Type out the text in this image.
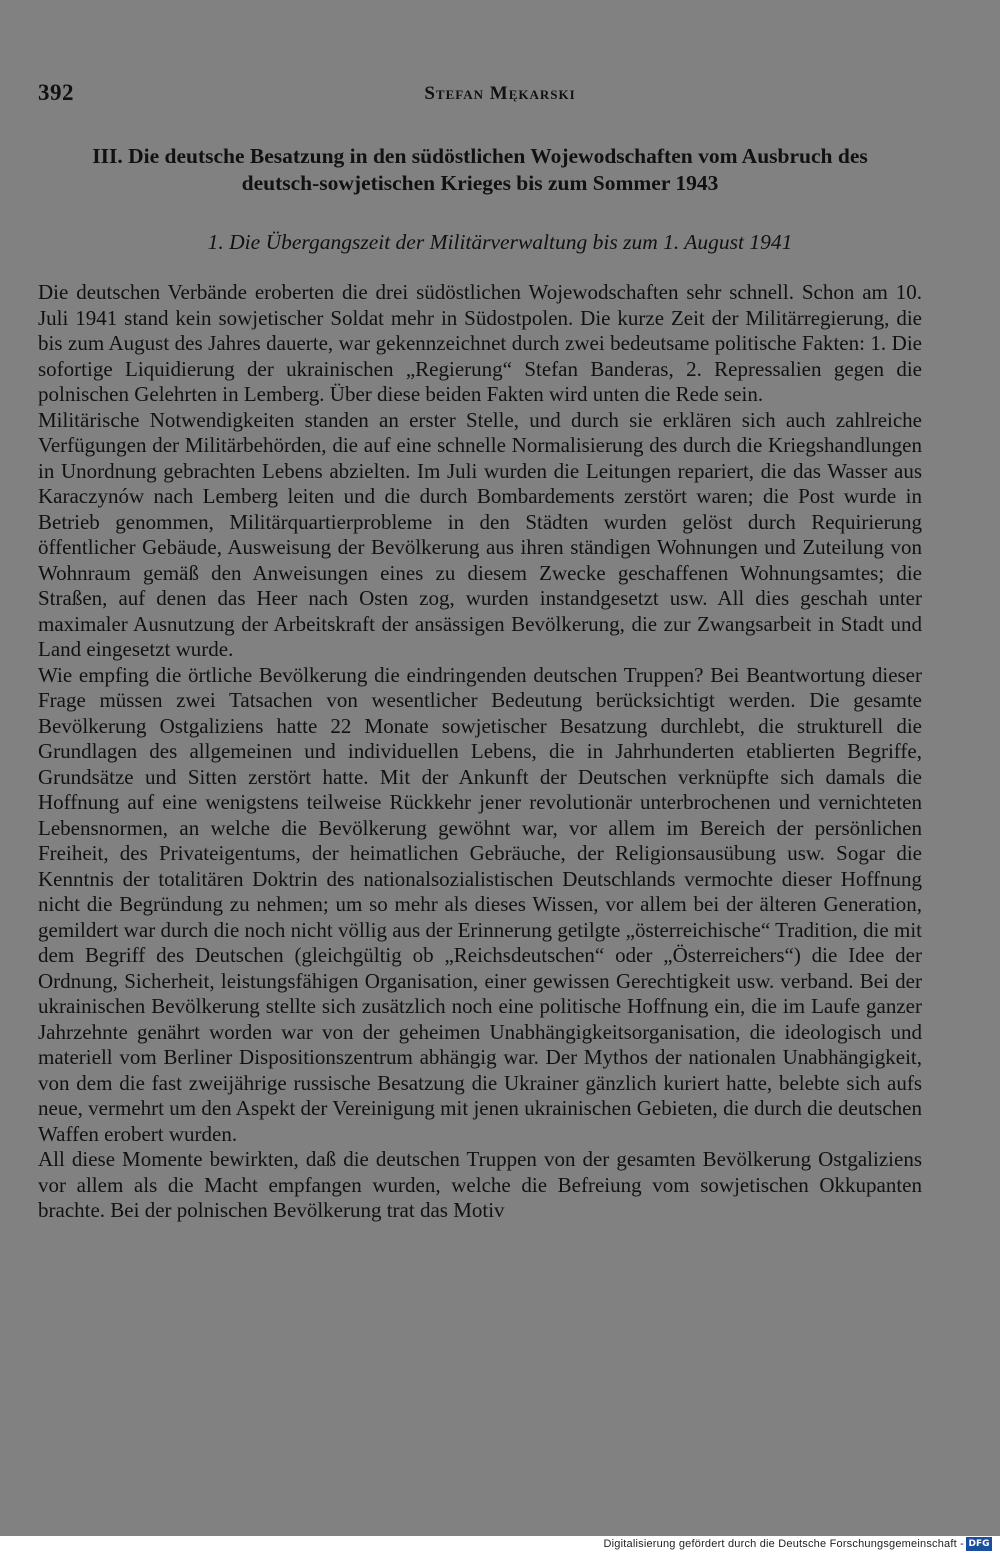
392	Stefan Mękarski
III. Die deutsche Besatzung in den südöstlichen Wojewodschaften vom Ausbruch des
deutsch-sowjetischen Krieges bis zum Sommer 1943
1. Die Übergangszeit der Militärverwaltung bis zum 1. August 1941

Die deutschen Verbände eroberten die drei südöstlichen Wojewodschaften sehr schnell. Schon am 10. Juli 1941 stand kein sowjetischer Soldat mehr in Südostpolen. Die kurze Zeit der Militärregierung, die bis zum August des Jahres dauerte, war gekennzeichnet durch zwei bedeutsame politische Fakten: 1. Die sofortige Liquidierung der ukrainischen „Regierung“ Stefan Banderas, 2. Repressalien gegen die polnischen Gelehrten in Lemberg. Über diese beiden Fakten wird unten die Rede sein.

Militärische Notwendigkeiten standen an erster Stelle, und durch sie erklären sich auch zahlreiche Verfügungen der Militärbehörden, die auf eine schnelle Normalisierung des durch die Kriegshandlungen in Unordnung gebrachten Lebens abzielten. Im Juli wurden die Leitungen repariert, die das Wasser aus Karaczynów nach Lemberg leiten und die durch Bombardements zerstört waren; die Post wurde in Betrieb genommen, Militärquartierprobleme in den Städten wurden gelöst durch Requirierung öffentlicher Gebäude, Ausweisung der Bevölkerung aus ihren ständigen Wohnungen und Zuteilung von Wohnraum gemäß den Anweisungen eines zu diesem Zwecke geschaffenen Wohnungsamtes; die Straßen, auf denen das Heer nach Osten zog, wurden instandgesetzt usw. All dies geschah unter maximaler Ausnutzung der Arbeitskraft der ansässigen Bevölkerung, die zur Zwangsarbeit in Stadt und Land eingesetzt wurde.

Wie empfing die örtliche Bevölkerung die eindringenden deutschen Truppen? Bei Beantwortung dieser Frage müssen zwei Tatsachen von wesentlicher Bedeutung berücksichtigt werden. Die gesamte Bevölkerung Ostgaliziens hatte 22 Monate sowjetischer Besatzung durchlebt, die strukturell die Grundlagen des allgemeinen und individuellen Lebens, die in Jahrhunderten etablierten Begriffe, Grundsätze und Sitten zerstört hatte. Mit der Ankunft der Deutschen verknüpfte sich damals die Hoffnung auf eine wenigstens teilweise Rückkehr jener revolutionär unterbrochenen und vernichteten Lebensnormen, an welche die Bevölkerung gewöhnt war, vor allem im Bereich der persönlichen Freiheit, des Privateigentums, der heimatlichen Gebräuche, der Religionsausübung usw. Sogar die Kenntnis der totalitären Doktrin des nationalsozialistischen Deutschlands vermochte dieser Hoffnung nicht die Begründung zu nehmen; um so mehr als dieses Wissen, vor allem bei der älteren Generation, gemildert war durch die noch nicht völlig aus der Erinnerung getilgte „österreichische“ Tradition, die mit dem Begriff des Deutschen (gleichgültig ob „Reichsdeutschen“ oder „Österreichers“) die Idee der Ordnung, Sicherheit, leistungsfähigen Organisation, einer gewissen Gerechtigkeit usw. verband. Bei der ukrainischen Bevölkerung stellte sich zusätzlich noch eine politische Hoffnung ein, die im Laufe ganzer Jahrzehnte genährt worden war von der geheimen Unabhängigkeitsorganisation, die ideologisch und materiell vom Berliner Dispositionszentrum abhängig war. Der Mythos der nationalen Unabhängigkeit, von dem die fast zweijährige russische Besatzung die Ukrainer gänzlich kuriert hatte, belebte sich aufs neue, vermehrt um den Aspekt der Vereinigung mit jenen ukrainischen Gebieten, die durch die deutschen Waffen erobert wurden.

All diese Momente bewirkten, daß die deutschen Truppen von der gesamten Bevölkerung Ostgaliziens vor allem als die Macht empfangen wurden, welche die Befreiung vom sowjetischen Okkupanten brachte. Bei der polnischen Bevölkerung trat das Motiv

Digitalisierung gefördert durch die Deutsche Forschungsgemeinschaft - DFG
